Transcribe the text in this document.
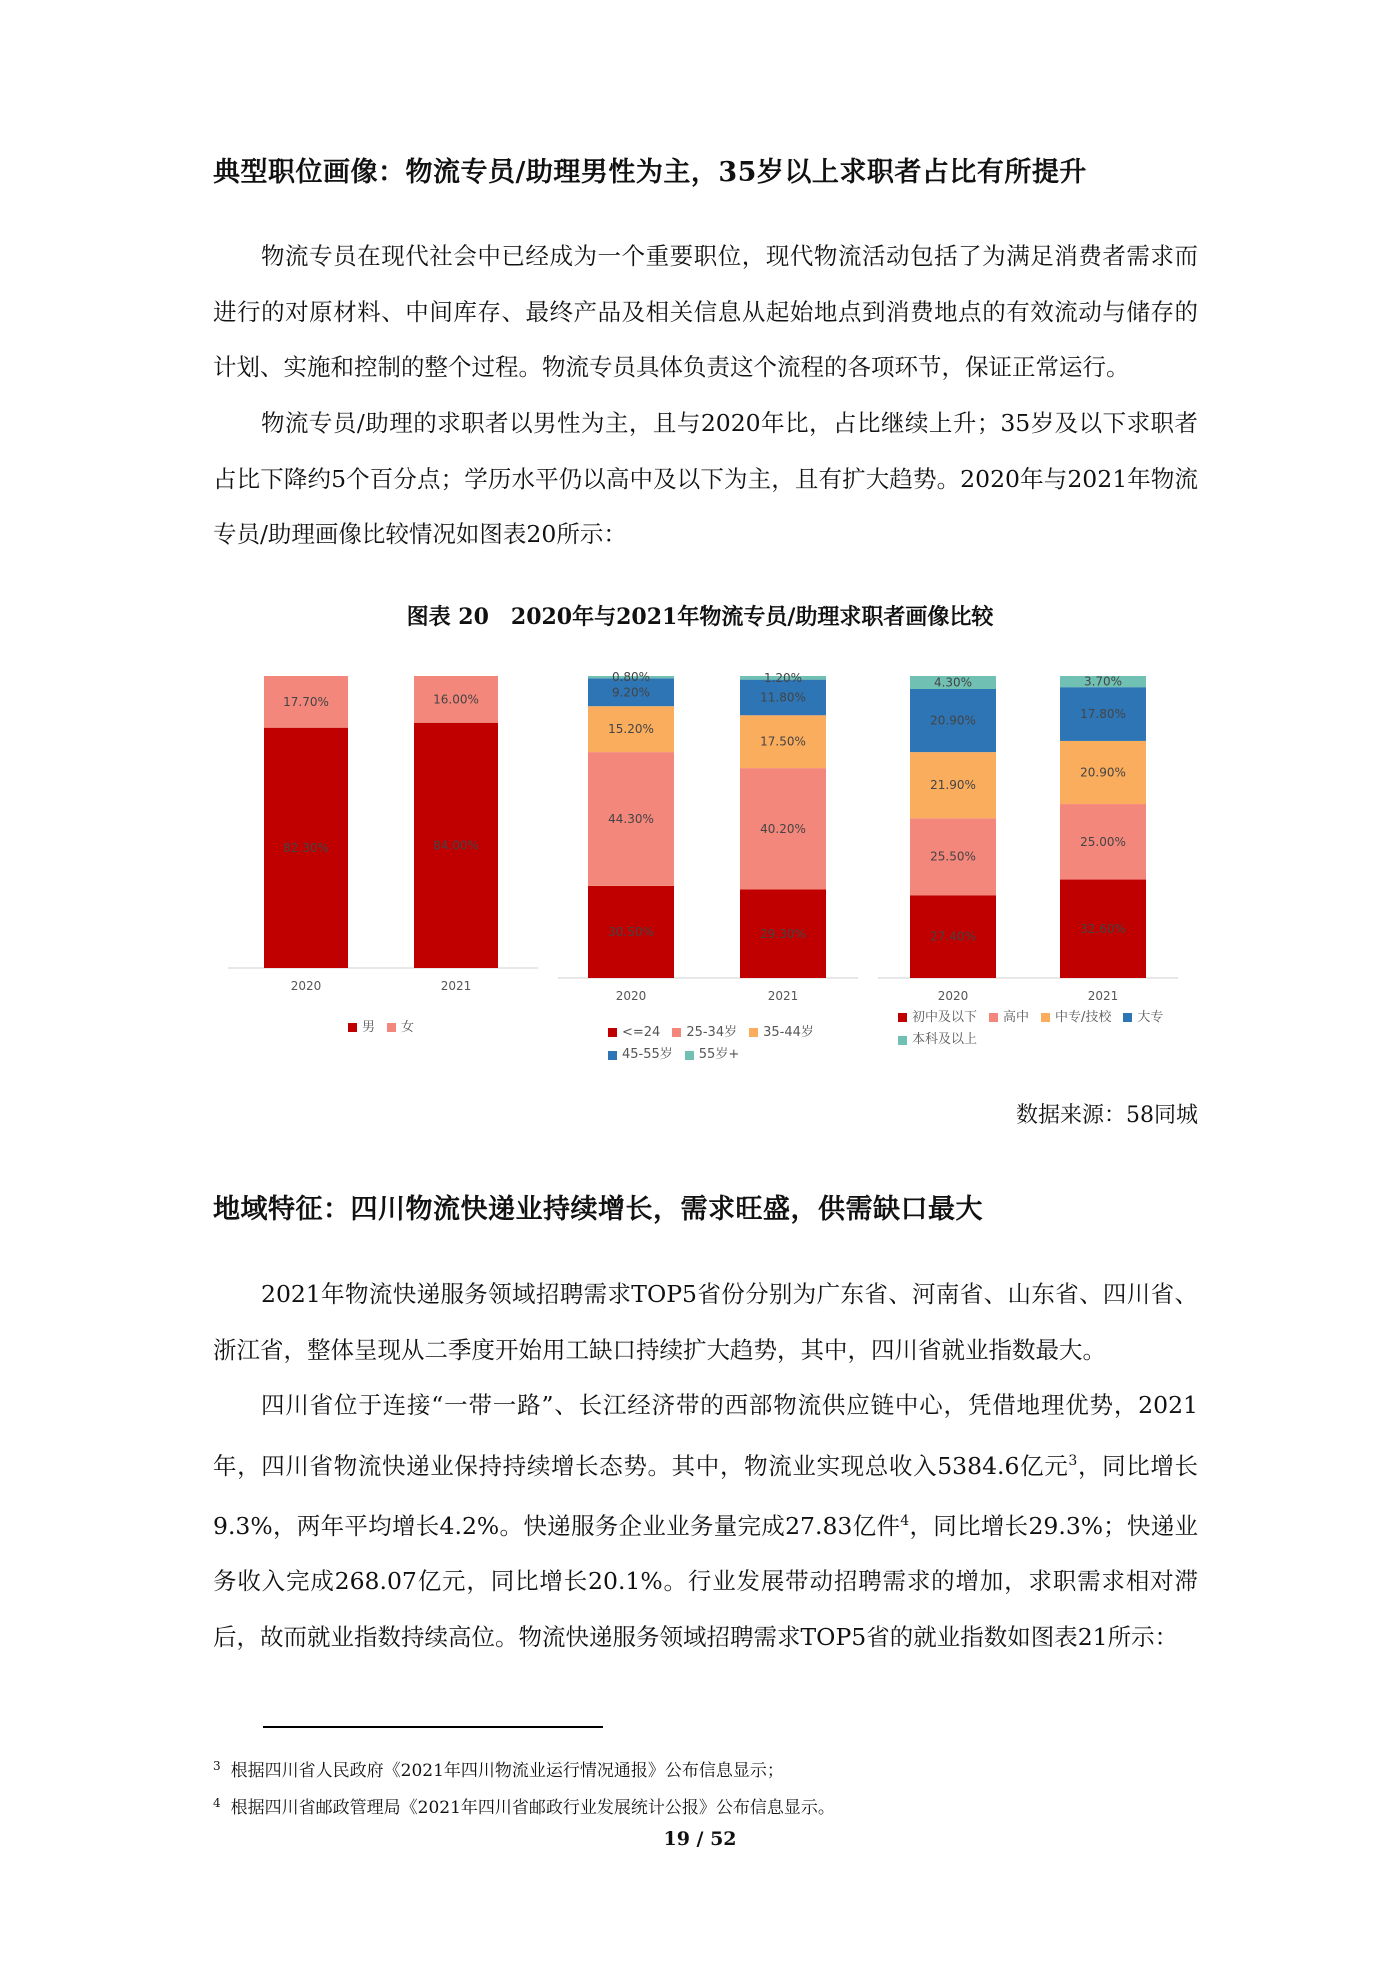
典型职位画像：物流专员/助理男性为主，35岁以上求职者占比有所提升
物流专员在现代社会中已经成为一个重要职位，现代物流活动包括了为满足消费者需求而进行的对原材料、中间库存、最终产品及相关信息从起始地点到消费地点的有效流动与储存的计划、实施和控制的整个过程。物流专员具体负责这个流程的各项环节，保证正常运行。
物流专员/助理的求职者以男性为主，且与2020年比，占比继续上升；35岁及以下求职者占比下降约5个百分点；学历水平仍以高中及以下为主，且有扩大趋势。2020年与2021年物流专员/助理画像比较情况如图表20所示：
图表 20　2020年与2021年物流专员/助理求职者画像比较
82.30%
17.70%
2020
84.00%
16.00%
2021
男 女
30.50%
44.30%
15.20%
9.20%
0.80%
2020
29.30%
40.20%
17.50%
11.80%
1.20%
2021
<=24 25-34岁 35-44岁
45-55岁 55岁+
27.40%
25.50%
21.90%
20.90%
4.30%
2020
32.60%
25.00%
20.90%
17.80%
3.70%
2021
初中及以下 高中 中专/技校 大专
本科及以上
数据来源：58同城
地域特征：四川物流快递业持续增长，需求旺盛，供需缺口最大
2021年物流快递服务领域招聘需求TOP5省份分别为广东省、河南省、山东省、四川省、浙江省，整体呈现从二季度开始用工缺口持续扩大趋势，其中，四川省就业指数最大。
四川省位于连接“一带一路”、长江经济带的西部物流供应链中心，凭借地理优势，2021年，四川省物流快递业保持持续增长态势。其中，物流业实现总收入5384.6亿元$^3$，同比增长9.3%，两年平均增长4.2%。快递服务企业业务量完成27.83亿件$^4$，同比增长29.3%；快递业务收入完成268.07亿元，同比增长20.1%。行业发展带动招聘需求的增加，求职需求相对滞后，故而就业指数持续高位。物流快递服务领域招聘需求TOP5省的就业指数如图表21所示：
$^3$ 根据四川省人民政府《2021年四川物流业运行情况通报》公布信息显示；
$^4$ 根据四川省邮政管理局《2021年四川省邮政行业发展统计公报》公布信息显示。
19 / 52
